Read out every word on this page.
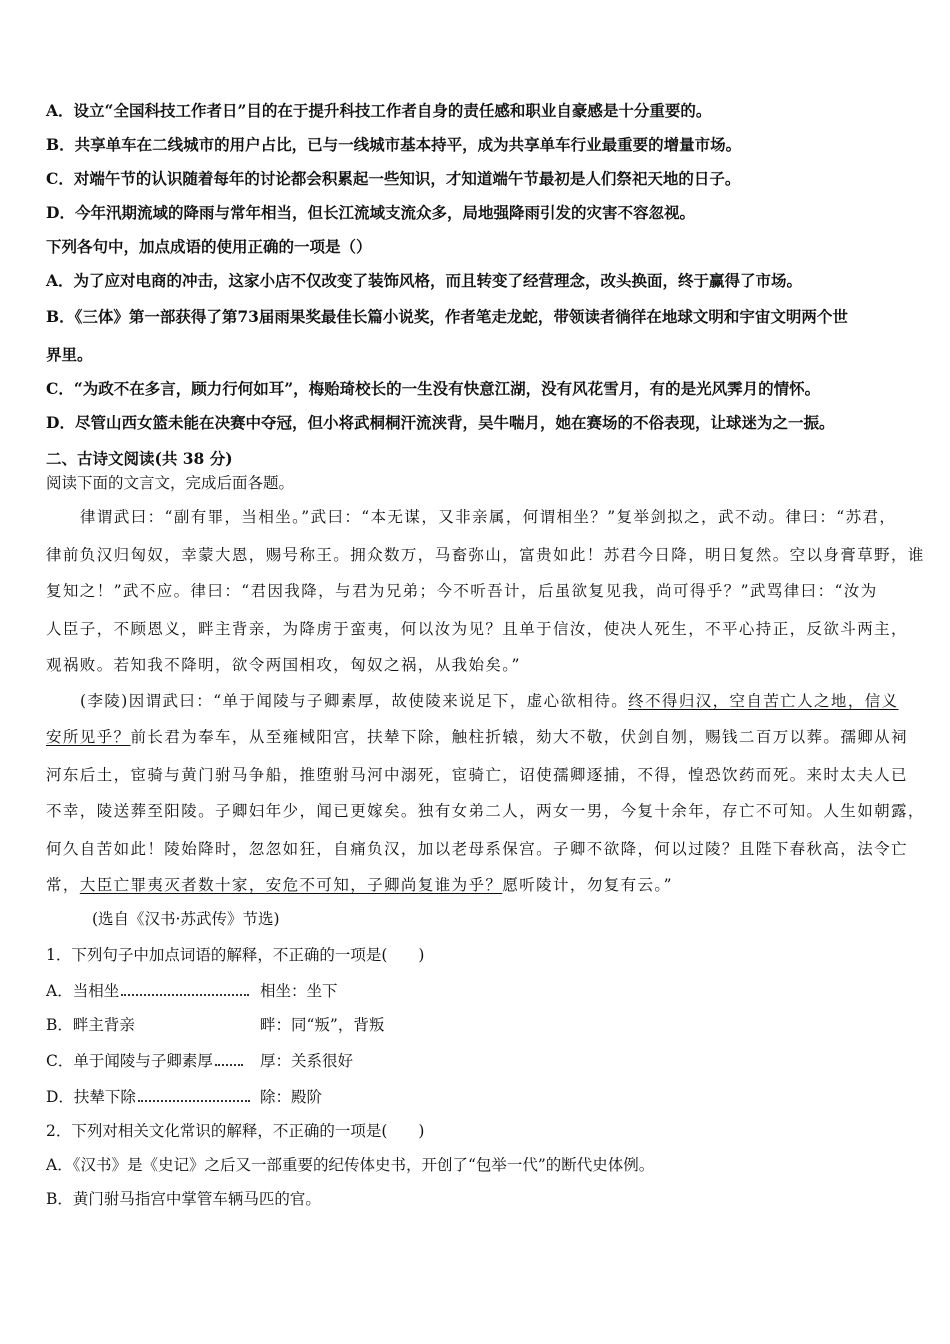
A．设立“全国科技工作者日”目的在于提升科技工作者自身的责任感和职业自豪感是十分重要的。
B．共享单车在二线城市的用户占比，已与一线城市基本持平，成为共享单车行业最重要的增量市场。
C．对端午节的认识随着每年的讨论都会积累起一些知识，才知道端午节最初是人们祭祀天地的日子。
D．今年汛期流域的降雨与常年相当，但长江流域支流众多，局地强降雨引发的灾害不容忽视。
下列各句中，加点成语的使用正确的一项是（）
A．为了应对电商的冲击，这家小店不仅改变了装饰风格，而且转变了经营理念，改头换面，终于赢得了市场。
B．《三体》第一部获得了第73届雨果奖最佳长篇小说奖，作者笔走龙蛇，带领读者徜徉在地球文明和宇宙文明两个世
界里。
C．“为政不在多言，顾力行何如耳”，梅贻琦校长的一生没有快意江湖，没有风花雪月，有的是光风霁月的情怀。
D．尽管山西女篮未能在决赛中夺冠，但小将武桐桐汗流浃背，吴牛喘月，她在赛场的不俗表现，让球迷为之一振。
二、古诗文阅读(共 38 分)
阅读下面的文言文，完成后面各题。
律谓武曰：“副有罪，当相坐。”武曰：“本无谋，又非亲属，何谓相坐？”复举剑拟之，武不动。律曰：“苏君，
律前负汉归匈奴，幸蒙大恩，赐号称王。拥众数万，马畜弥山，富贵如此！苏君今日降，明日复然。空以身膏草野，谁
复知之！”武不应。律曰：“君因我降，与君为兄弟；今不听吾计，后虽欲复见我，尚可得乎？”武骂律曰：“汝为
人臣子，不顾恩义，畔主背亲，为降虏于蛮夷，何以汝为见？且单于信汝，使决人死生，不平心持正，反欲斗两主，
观祸败。若知我不降明，欲令两国相攻，匈奴之祸，从我始矣。”
(李陵)因谓武曰：“单于闻陵与子卿素厚，故使陵来说足下，虚心欲相待。终不得归汉，空自苦亡人之地，信义
安所见乎？前长君为奉车，从至雍棫阳宫，扶辇下除，触柱折辕，劾大不敬，伏剑自刎，赐钱二百万以葬。孺卿从祠
河东后土，宦骑与黄门驸马争船，推堕驸马河中溺死，宦骑亡，诏使孺卿逐捕，不得，惶恐饮药而死。来时太夫人已
不幸，陵送葬至阳陵。子卿妇年少，闻已更嫁矣。独有女弟二人，两女一男，今复十余年，存亡不可知。人生如朝露，
何久自苦如此！陵始降时，忽忽如狂，自痛负汉，加以老母系保宫。子卿不欲降，何以过陵？且陛下春秋高，法令亡
常，大臣亡罪夷灭者数十家，安危不可知，子卿尚复谁为乎？愿听陵计，勿复有云。”
(选自《汉书·苏武传》节选)
1．下列句子中加点词语的解释，不正确的一项是(　　)
A．当相坐	相坐：坐下
B．畔主背亲	畔：同“叛”，背叛
C．单于闻陵与子卿素厚	厚：关系很好
D．扶辇下除	除：殿阶
2．下列对相关文化常识的解释，不正确的一项是(　　)
A．《汉书》是《史记》之后又一部重要的纪传体史书，开创了“包举一代”的断代史体例。
B．黄门驸马指宫中掌管车辆马匹的官。
